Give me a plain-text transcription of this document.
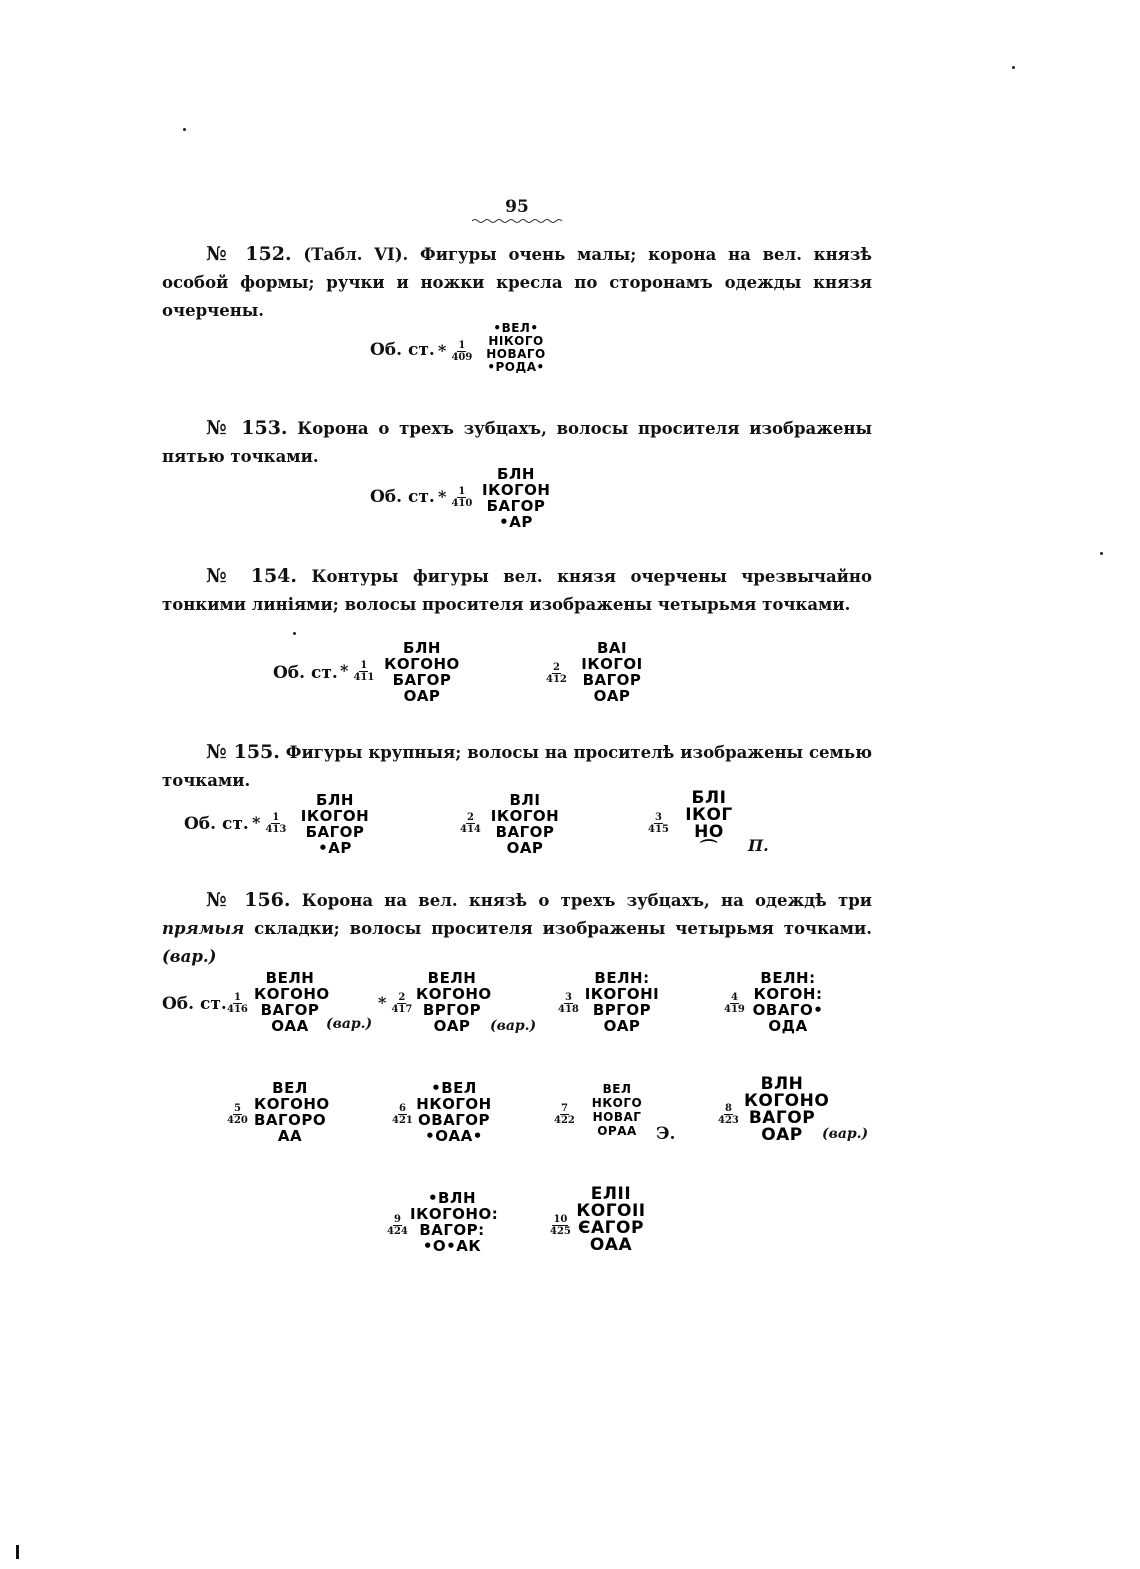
95
№ 152. (Табл. VI). Фигуры очень малы; корона на вел. князѣ особой формы; ручки и ножки кресла по сторонамъ одежды князя очерчены.
Об. ст. * $\frac{1}{409}$
•ВЕЛ•
НІКОГО
НОВАГО
•РОДА•
№ 153. Корона о трехъ зубцахъ, волосы просителя изображены пятью точками.
Об. ст. * $\frac{1}{410}$
БЛН
ІКОГОН
БАГОР
•АР
№ 154. Контуры фигуры вел. князя очерчены чрезвычайно тонкими линіями; волосы просителя изображены четырьмя точками.
Об. ст. * $\frac{1}{411}$
БЛН
КОГОНО
БАГОР
ОАР
$\frac{2}{412}$
ВАІ
ІКОГОІ
ВАГОР
ОАР
№ 155. Фигуры крупныя; волосы на просителѣ изображены семью точками.
Об. ст. * $\frac{1}{413}$
БЛН
ІКОГОН
БАГОР
•АР
$\frac{2}{414}$
ВЛІ
ІКОГОН
ВАГОР
ОАР
$\frac{3}{415}$
БЛІ
ІКОГ
НО
⌒	П.
№ 156. Корона на вел. князѣ о трехъ зубцахъ, на одеждѣ три прямыя складки; волосы просителя изображены четырьмя точками. (вар.)
Об. ст. $\frac{1}{416}$
ВЕЛН
КОГОНО
ВАГОР
ОАА	(вар.)
* $\frac{2}{417}$
ВЕЛН
КОГОНО
ВРГОР
ОАР	(вар.)
$\frac{3}{418}$
ВЕЛН:
ІКОГОНІ
ВРГОР
ОАР
$\frac{4}{419}$
ВЕЛН:
КОГОН:
ОВАГО•
ОДА
$\frac{5}{420}$
ВЕЛ
КОГОНО
ВАГОРО
АА
$\frac{6}{421}$
•ВЕЛ
НКОГОН
ОВАГОР
•ОАА•
$\frac{7}{422}$
ВЕЛ
НКОГО
НОВАГ
ОРАА	Э.
$\frac{8}{423}$
ВЛН
КОГОНО
ВАГОР
ОАР	(вар.)
$\frac{9}{424}$
•ВЛН
ІКОГОНО:
ВАГОР:
•О•АК
$\frac{10}{425}$
ЕЛІІ
КОГОІІ
ЄАГОР
ОАА
